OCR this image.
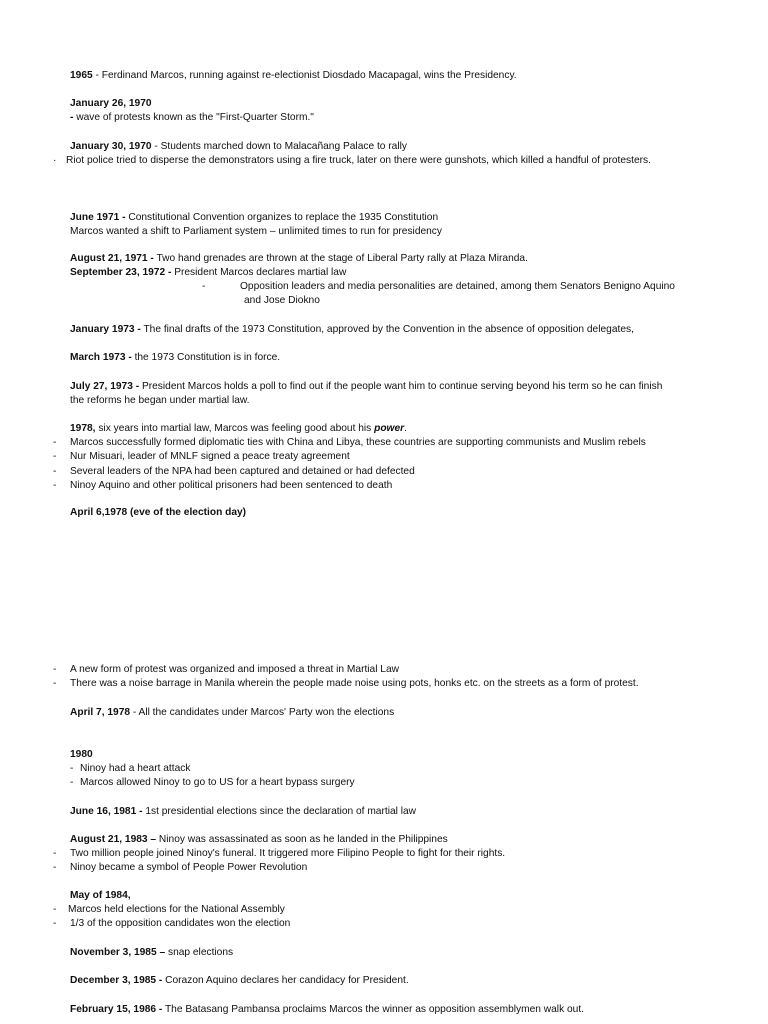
1965 - Ferdinand Marcos, running against re-electionist Diosdado Macapagal, wins the Presidency.
January 26, 1970
- wave of protests known as the "First-Quarter Storm."
January 30, 1970 - Students marched down to Malacañang Palace to rally
· Riot police tried to disperse the demonstrators using a fire truck, later on there were gunshots, which killed a handful of protesters.
June 1971 - Constitutional Convention organizes to replace the 1935 Constitution
Marcos wanted a shift to Parliament system – unlimited times to run for presidency
August 21, 1971 - Two hand grenades are thrown at the stage of Liberal Party rally at Plaza Miranda.
September 23, 1972 - President Marcos declares martial law
-	Opposition leaders and media personalities are detained, among them Senators Benigno Aquino
and Jose Diokno
January 1973 - The final drafts of the 1973 Constitution, approved by the Convention in the absence of opposition delegates,
March 1973 - the 1973 Constitution is in force.
July 27, 1973 - President Marcos holds a poll to find out if the people want him to continue serving beyond his term so he can finish
the reforms he began under martial law.
1978, six years into martial law, Marcos was feeling good about his power.
- Marcos successfully formed diplomatic ties with China and Libya, these countries are supporting communists and Muslim rebels
- Nur Misuari, leader of MNLF signed a peace treaty agreement
- Several leaders of the NPA had been captured and detained or had defected
- Ninoy Aquino and other political prisoners had been sentenced to death
April 6,1978 (eve of the election day)
- A new form of protest was organized and imposed a threat in Martial Law
- There was a noise barrage in Manila wherein the people made noise using pots, honks etc. on the streets as a form of protest.
April 7, 1978 - All the candidates under Marcos' Party won the elections
1980
- Ninoy had a heart attack
- Marcos allowed Ninoy to go to US for a heart bypass surgery
June 16, 1981 - 1st presidential elections since the declaration of martial law
August 21, 1983 – Ninoy was assassinated as soon as he landed in the Philippines
- Two million people joined Ninoy's funeral. It triggered more Filipino People to fight for their rights.
- Ninoy became a symbol of People Power Revolution
May of 1984,
- Marcos held elections for the National Assembly
- 1/3 of the opposition candidates won the election
November 3, 1985 – snap elections
December 3, 1985 - Corazon Aquino declares her candidacy for President.
February 15, 1986 - The Batasang Pambansa proclaims Marcos the winner as opposition assemblymen walk out.
